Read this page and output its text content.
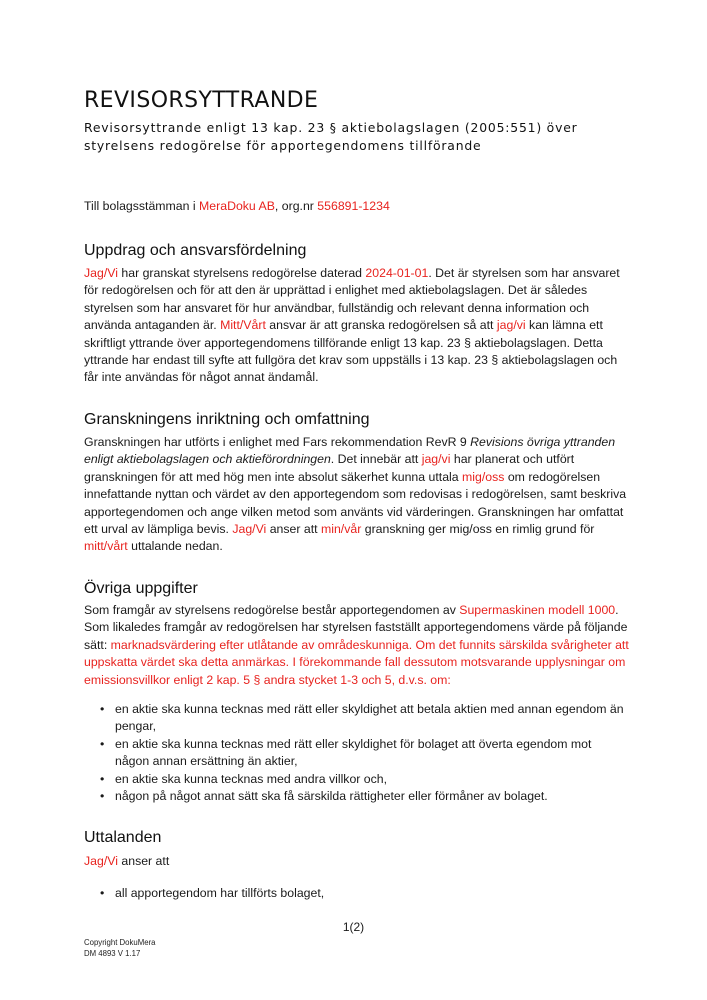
REVISORSYTTRANDE
Revisorsyttrande enligt 13 kap. 23 § aktiebolagslagen (2005:551) över styrelsens redogörelse för apportegendomens tillförande

Till bolagsstämman i MeraDoku AB, org.nr 556891-1234

Uppdrag och ansvarsfördelning

Jag/Vi har granskat styrelsens redogörelse daterad 2024-01-01. Det är styrelsen som har ansvaret för redogörelsen och för att den är upprättad i enlighet med aktiebolagslagen. Det är således styrelsen som har ansvaret för hur användbar, fullständig och relevant denna information och använda antaganden är. Mitt/Vårt ansvar är att granska redogörelsen så att jag/vi kan lämna ett skriftligt yttrande över apportegendomens tillförande enligt 13 kap. 23 § aktiebolagslagen. Detta yttrande har endast till syfte att fullgöra det krav som uppställs i 13 kap. 23 § aktiebolagslagen och får inte användas för något annat ändamål.

Granskningens inriktning och omfattning

Granskningen har utförts i enlighet med Fars rekommendation RevR 9 Revisions övriga yttranden enligt aktiebolagslagen och aktieförordningen. Det innebär att jag/vi har planerat och utfört granskningen för att med hög men inte absolut säkerhet kunna uttala mig/oss om redogörelsen innefattande nyttan och värdet av den apportegendom som redovisas i redogörelsen, samt beskriva apportegendomen och ange vilken metod som använts vid värderingen. Granskningen har omfattat ett urval av lämpliga bevis. Jag/Vi anser att min/vår granskning ger mig/oss en rimlig grund för mitt/vårt uttalande nedan.

Övriga uppgifter

Som framgår av styrelsens redogörelse består apportegendomen av Supermaskinen modell 1000. Som likaledes framgår av redogörelsen har styrelsen fastställt apportegendomens värde på följande sätt: marknadsvärdering efter utlåtande av områdeskunniga. Om det funnits särskilda svårigheter att uppskatta värdet ska detta anmärkas. I förekommande fall dessutom motsvarande upplysningar om emissionsvillkor enligt 2 kap. 5 § andra stycket 1-3 och 5, d.v.s. om:

• en aktie ska kunna tecknas med rätt eller skyldighet att betala aktien med annan egendom än pengar,
• en aktie ska kunna tecknas med rätt eller skyldighet för bolaget att överta egendom mot någon annan ersättning än aktier,
• en aktie ska kunna tecknas med andra villkor och,
• någon på något annat sätt ska få särskilda rättigheter eller förmåner av bolaget.
Uttalanden

Jag/Vi anser att

• all apportegendom har tillförts bolaget,
1(2)
Copyright DokuMera
DM 4893 V 1.17
